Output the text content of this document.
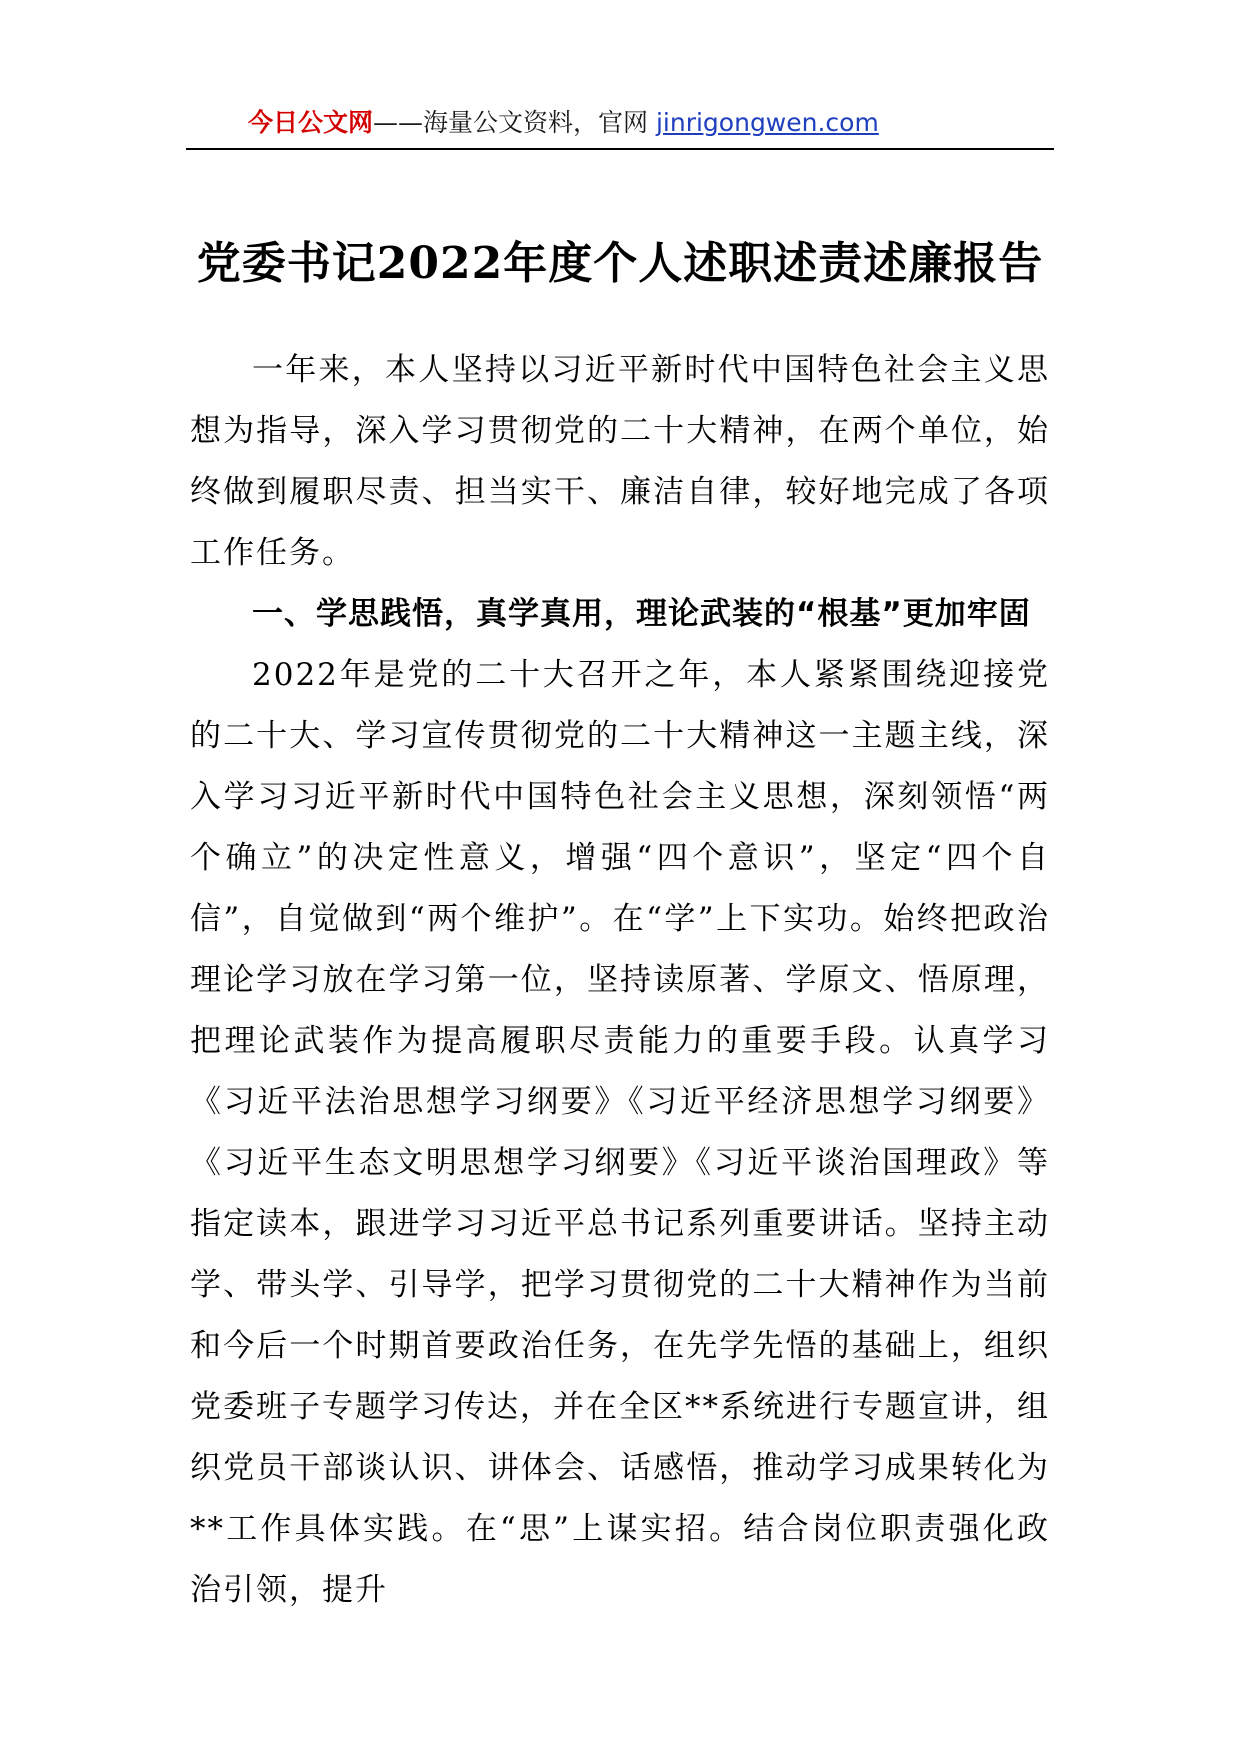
今日公文网——海量公文资料，官网 jinrigongwen.com
党委书记2022年度个人述职述责述廉报告

一年来，本人坚持以习近平新时代中国特色社会主义思想为指导，深入学习贯彻党的二十大精神，在两个单位，始终做到履职尽责、担当实干、廉洁自律，较好地完成了各项工作任务。

一、学思践悟，真学真用，理论武装的“根基”更加牢固

2022年是党的二十大召开之年，本人紧紧围绕迎接党的二十大、学习宣传贯彻党的二十大精神这一主题主线，深入学习习近平新时代中国特色社会主义思想，深刻领悟“两个确立”的决定性意义，增强“四个意识”，坚定“四个自信”，自觉做到“两个维护”。在“学”上下实功。始终把政治理论学习放在学习第一位，坚持读原著、学原文、悟原理，把理论武装作为提高履职尽责能力的重要手段。认真学习《习近平法治思想学习纲要》《习近平经济思想学习纲要》《习近平生态文明思想学习纲要》《习近平谈治国理政》等指定读本，跟进学习习近平总书记系列重要讲话。坚持主动学、带头学、引导学，把学习贯彻党的二十大精神作为当前和今后一个时期首要政治任务，在先学先悟的基础上，组织党委班子专题学习传达，并在全区**系统进行专题宣讲，组织党员干部谈认识、讲体会、话感悟，推动学习成果转化为**工作具体实践。在“思”上谋实招。结合岗位职责强化政治引领，提升
